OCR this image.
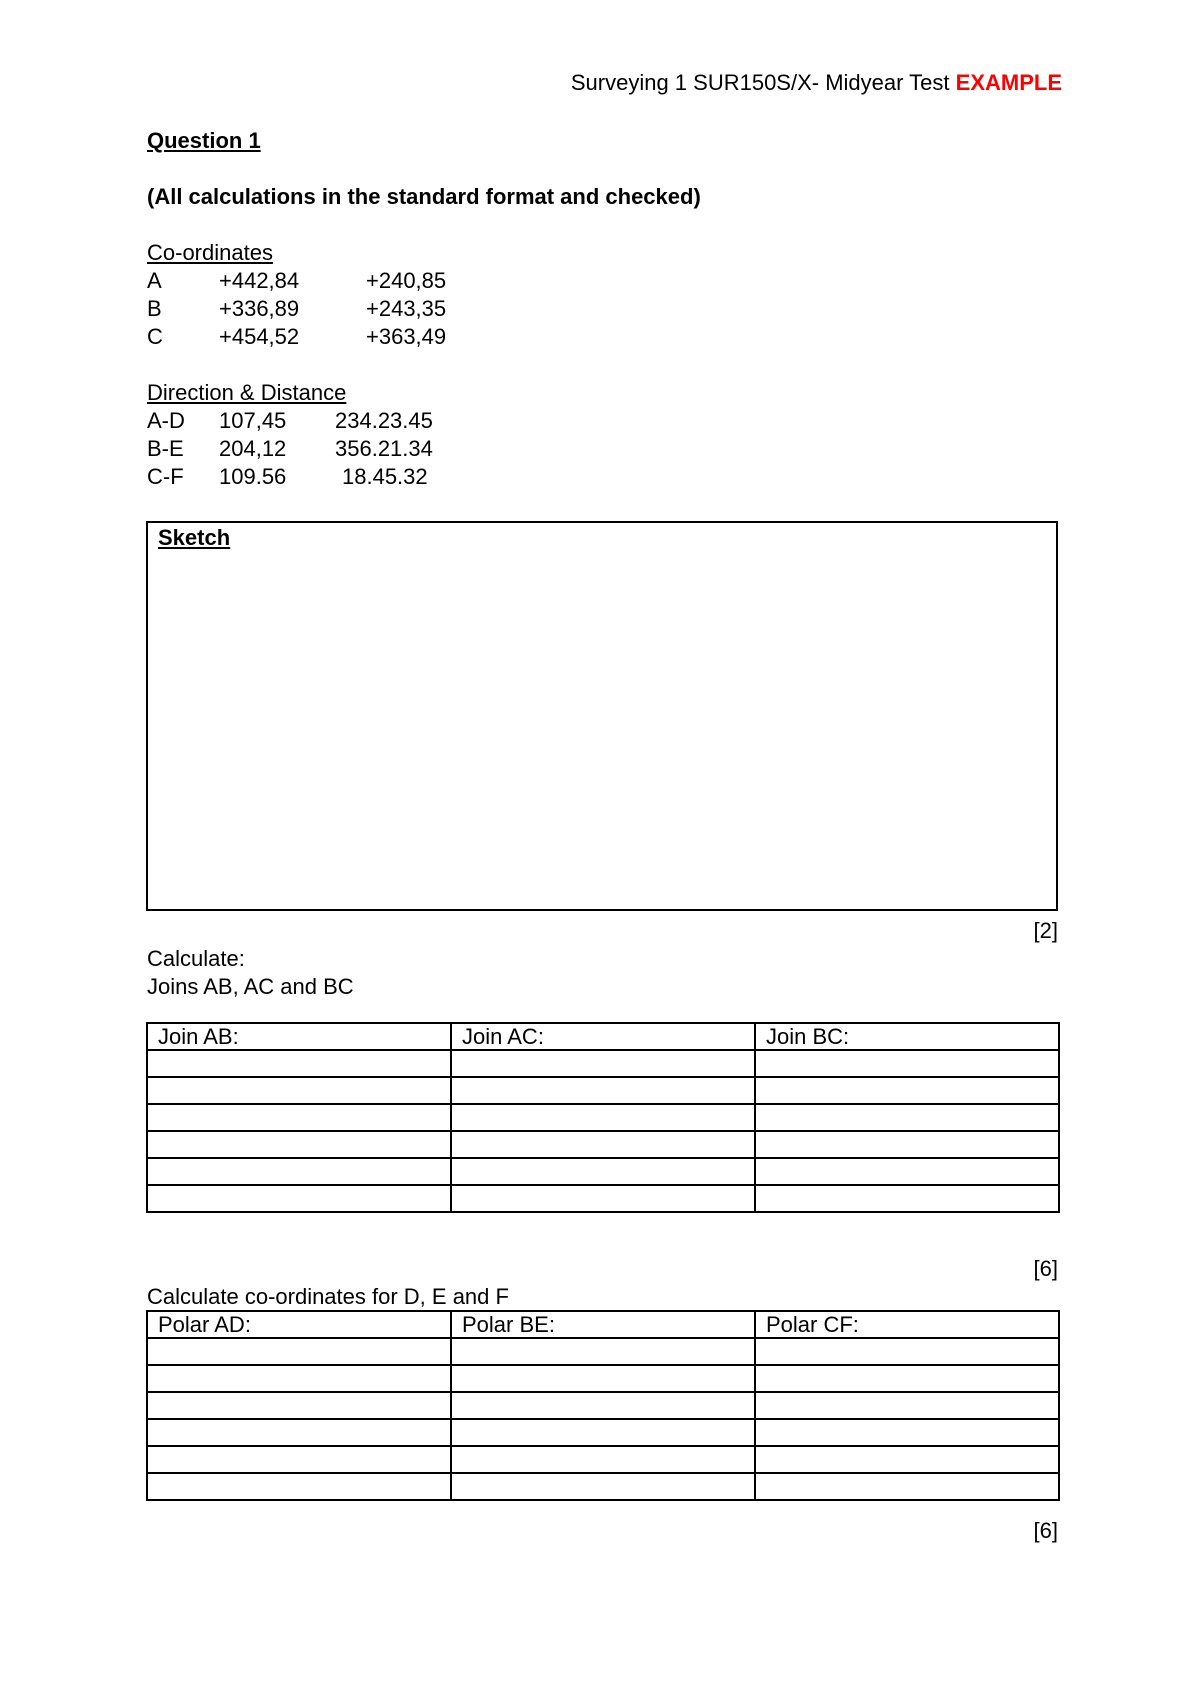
Surveying 1 SUR150S/X- Midyear Test EXAMPLE
Question 1
(All calculations in the standard format and checked)
Co-ordinates
A	+442,84	+240,85
B	+336,89	+243,35
C	+454,52	+363,49
Direction & Distance
A-D 107,45 234.23.45
B-E 204,12 356.21.34
C-F 109.56	18.45.32
Sketch
[2]
Calculate:
Joins AB, AC and BC
Join AB:	Join AC:	Join BC:

[6]
Calculate co-ordinates for D, E and F
Polar AD:	Polar BE:	Polar CF:

[6]
